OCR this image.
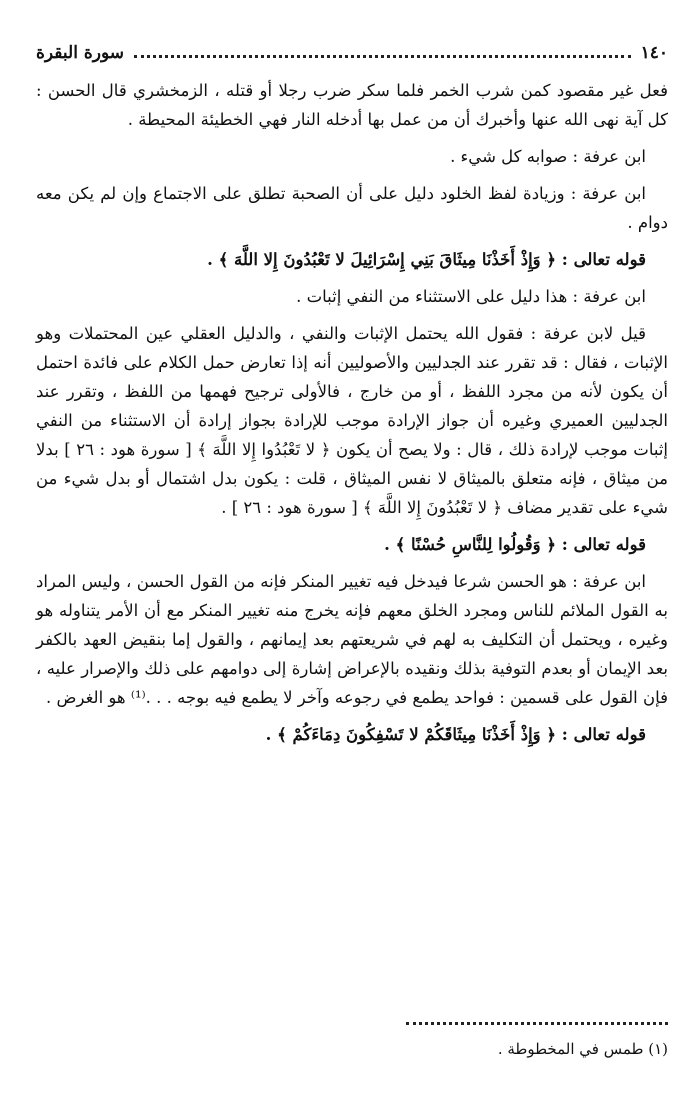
١٤٠
سورة البقرة

فعل غير مقصود كمن شرب الخمر فلما سكر ضرب رجلا أو قتله ، الزمخشري قال الحسن : كل آية نهى الله عنها وأخبرك أن من عمل بها أدخله النار فهي الخطيئة المحيطة .

ابن عرفة : صوابه كل شيء .

ابن عرفة : وزيادة لفظ الخلود دليل على أن الصحبة تطلق على الاجتماع وإن لم يكن معه دوام .

قوله تعالى : ﴿ وَإِذْ أَخَذْنَا مِيثَاقَ بَنِي إِسْرَائِيلَ لا تَعْبُدُونَ إِلا اللَّهَ ﴾ .

ابن عرفة : هذا دليل على الاستثناء من النفي إثبات .

قيل لابن عرفة : فقول الله يحتمل الإثبات والنفي ، والدليل العقلي عين المحتملات وهو الإثبات ، فقال : قد تقرر عند الجدليين والأصوليين أنه إذا تعارض حمل الكلام على فائدة احتمل أن يكون لأنه من مجرد اللفظ ، أو من خارج ، فالأولى ترجيح فهمها من اللفظ ، وتقرر عند الجدليين العميري وغيره أن جواز الإرادة موجب للإرادة بجواز إرادة أن الاستثناء من النفي إثبات موجب لإرادة ذلك ، قال : ولا يصح أن يكون ﴿ لا تَعْبُدُوا إِلا اللَّهَ ﴾ [ سورة هود : ٢٦ ] بدلا من ميثاق ، فإنه متعلق بالميثاق لا نفس الميثاق ، قلت : يكون بدل اشتمال أو بدل شيء من شيء على تقدير مضاف ﴿ لا تَعْبُدُونَ إِلا اللَّهَ ﴾ [ سورة هود : ٢٦ ] .

قوله تعالى : ﴿ وَقُولُوا لِلنَّاسِ حُسْنًا ﴾ .

ابن عرفة : هو الحسن شرعا فيدخل فيه تغيير المنكر فإنه من القول الحسن ، وليس المراد به القول الملائم للناس ومجرد الخلق معهم فإنه يخرج منه تغيير المنكر مع أن الأمر يتناوله هو وغيره ، ويحتمل أن التكليف به لهم في شريعتهم بعد إيمانهم ، والقول إما بنقيض العهد بالكفر بعد الإيمان أو بعدم التوفية بذلك ونقيده بالإعراض إشارة إلى دوامهم على ذلك والإصرار عليه ، فإن القول على قسمين : فواحد يطمع في رجوعه وآخر لا يطمع فيه بوجه . . .⁽¹⁾ هو الغرض .

قوله تعالى : ﴿ وَإِذْ أَخَذْنَا مِيثَاقَكُمْ لا تَسْفِكُونَ دِمَاءَكُمْ ﴾ .

(١) طمس في المخطوطة .
